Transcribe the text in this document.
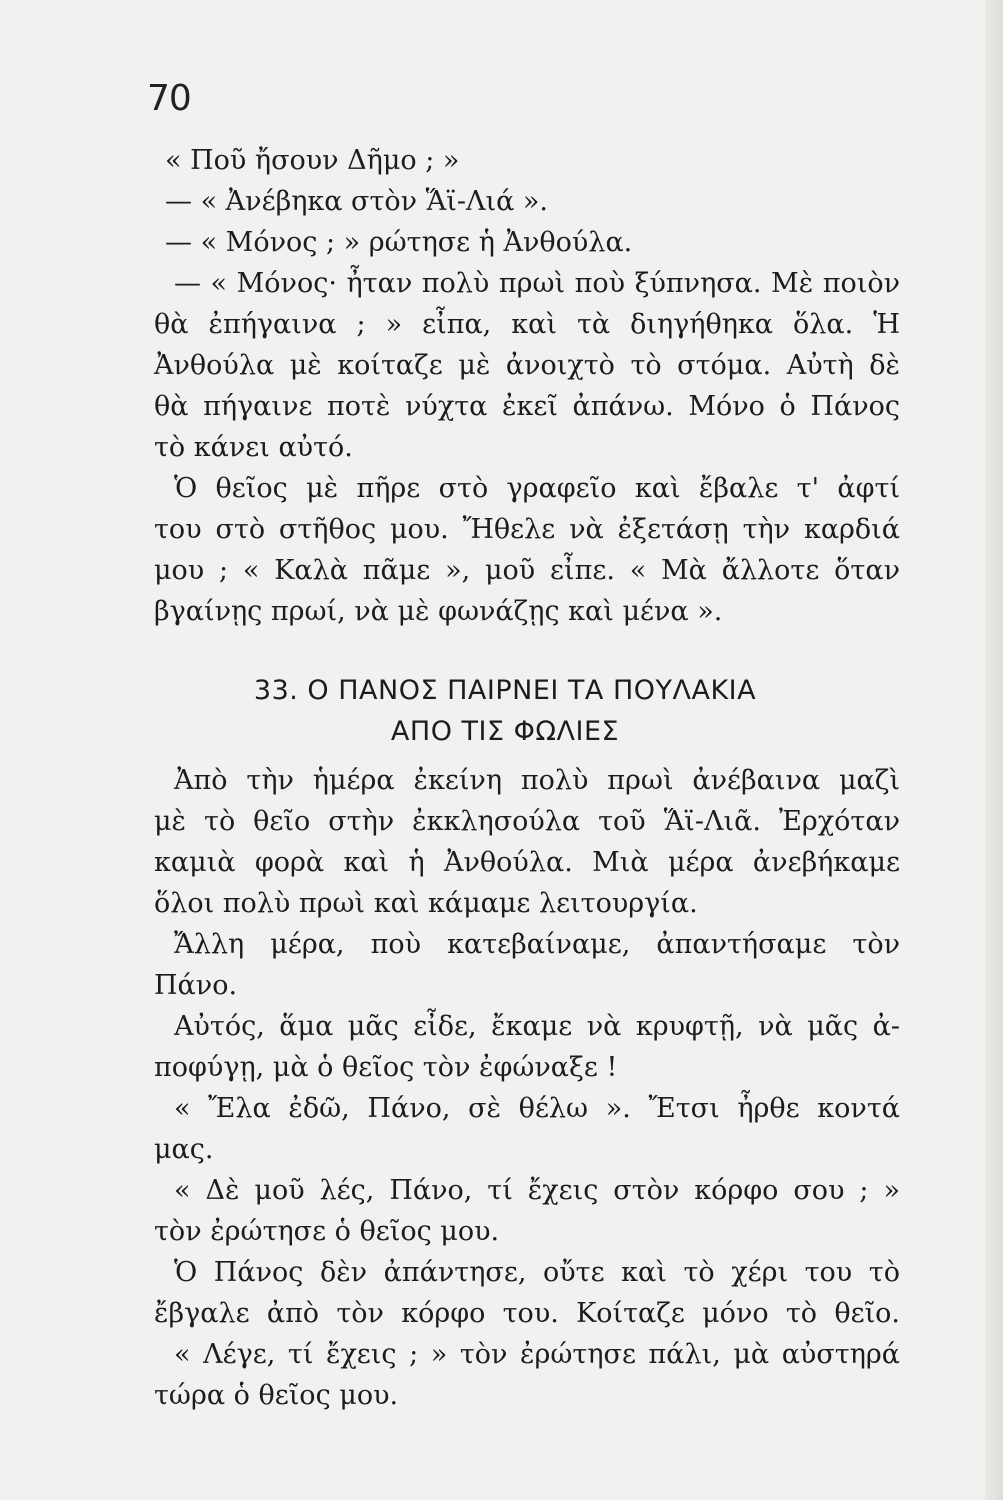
70
« Ποῦ ἤσουν Δῆμο ; »
— « Ἀνέβηκα στὸν Ἅϊ-Λιά ».
— « Μόνος ; » ρώτησε ἡ Ἀνθούλα.
— « Μόνος· ἦταν πολὺ πρωὶ ποὺ ξύπνησα. Μὲ ποιὸν
θὰ ἐπήγαινα ; » εἶπα, καὶ τὰ διηγήθηκα ὅλα. Ἡ
Ἀνθούλα μὲ κοίταζε μὲ ἀνοιχτὸ τὸ στόμα. Αὐτὴ δὲ
θὰ πήγαινε ποτὲ νύχτα ἐκεῖ ἀπάνω. Μόνο ὁ Πάνος
τὸ κάνει αὐτό.
Ὁ θεῖος μὲ πῆρε στὸ γραφεῖο καὶ ἔβαλε τ' ἀφτί
του στὸ στῆθος μου. Ἤθελε νὰ ἐξετάσῃ τὴν καρδιά
μου ; « Καλὰ πᾶμε », μοῦ εἶπε. « Μὰ ἄλλοτε ὅταν
βγαίνῃς πρωί, νὰ μὲ φωνάζῃς καὶ μένα ».
33. Ο ΠΑΝΟΣ ΠΑΙΡΝΕΙ ΤΑ ΠΟΥΛΑΚΙΑ
ΑΠΟ ΤΙΣ ΦΩΛΙΕΣ
Ἀπὸ τὴν ἡμέρα ἐκείνη πολὺ πρωὶ ἀνέβαινα μαζὶ
μὲ τὸ θεῖο στὴν ἐκκλησούλα τοῦ Ἅϊ-Λιᾶ. Ἐρχόταν
καμιὰ φορὰ καὶ ἡ Ἀνθούλα. Μιὰ μέρα ἀνεβήκαμε
ὅλοι πολὺ πρωὶ καὶ κάμαμε λειτουργία.
Ἄλλη μέρα, ποὺ κατεβαίναμε, ἀπαντήσαμε τὸν
Πάνο.
Αὐτός, ἅμα μᾶς εἶδε, ἔκαμε νὰ κρυφτῇ, νὰ μᾶς ἀ-
ποφύγῃ, μὰ ὁ θεῖος τὸν ἐφώναξε !
« Ἔλα ἐδῶ, Πάνο, σὲ θέλω ». Ἔτσι ἦρθε κοντά
μας.
« Δὲ μοῦ λές, Πάνο, τί ἔχεις στὸν κόρφο σου ; »
τὸν ἐρώτησε ὁ θεῖος μου.
Ὁ Πάνος δὲν ἀπάντησε, οὔτε καὶ τὸ χέρι του τὸ
ἔβγαλε ἀπὸ τὸν κόρφο του. Κοίταζε μόνο τὸ θεῖο.
« Λέγε, τί ἔχεις ; » τὸν ἐρώτησε πάλι, μὰ αὐστηρά
τώρα ὁ θεῖος μου.
